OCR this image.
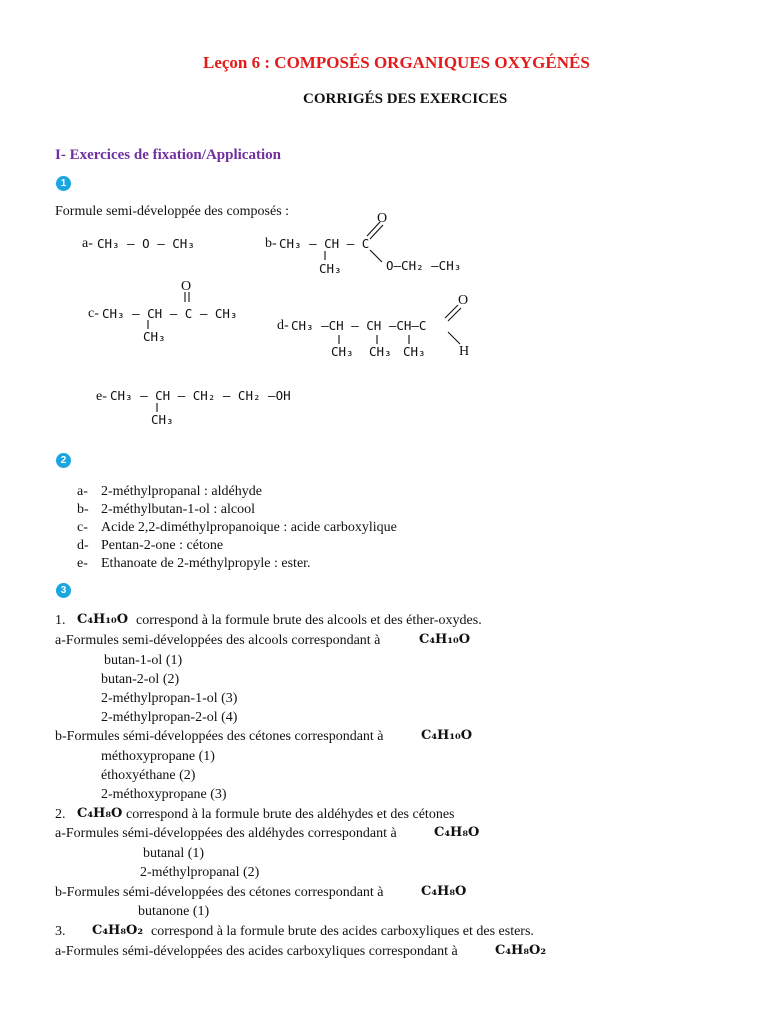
Leçon 6 : COMPOSÉS ORGANIQUES OXYGÉNÉS
CORRIGÉS DES EXERCICES
I- Exercices de fixation/Application
1
Formule semi-développée des composés :
a- CH₃ – O – CH₃
O
b- CH₃ – CH – C
CH₃	O–CH₂ –CH₃
O
c- CH₃ – CH – C – CH₃
CH₃
O
d- CH₃ –CH – CH –CH–C
CH₃ CH₃ CH₃ H
e- CH₃ – CH – CH₂ – CH₂ –OH
CH₃
2
a- 2-méthylpropanal : aldéhyde
b- 2-méthylbutan-1-ol : alcool
c- Acide 2,2-diméthylpropanoique : acide carboxylique
d- Pentan-2-one : cétone
e- Ethanoate de 2-méthylpropyle : ester.
3
1. C₄H₁₀O correspond à la formule brute des alcools et des éther-oxydes.
a-Formules semi-développées des alcools correspondant à	C₄H₁₀O
butan-1-ol (1)
butan-2-ol (2)
2-méthylpropan-1-ol (3)
2-méthylpropan-2-ol (4)
b-Formules sémi-développées des cétones correspondant à	C₄H₁₀O
méthoxypropane (1)
éthoxyéthane (2)
2-méthoxypropane (3)
2. C₄H₈O correspond à la formule brute des aldéhydes et des cétones
a-Formules sémi-développées des aldéhydes correspondant à	C₄H₈O
butanal (1)
2-méthylpropanal (2)
b-Formules sémi-développées des cétones correspondant à	C₄H₈O
butanone (1)
3. C₄H₈O₂ correspond à la formule brute des acides carboxyliques et des esters.
a-Formules sémi-développées des acides carboxyliques correspondant à	C₄H₈O₂
